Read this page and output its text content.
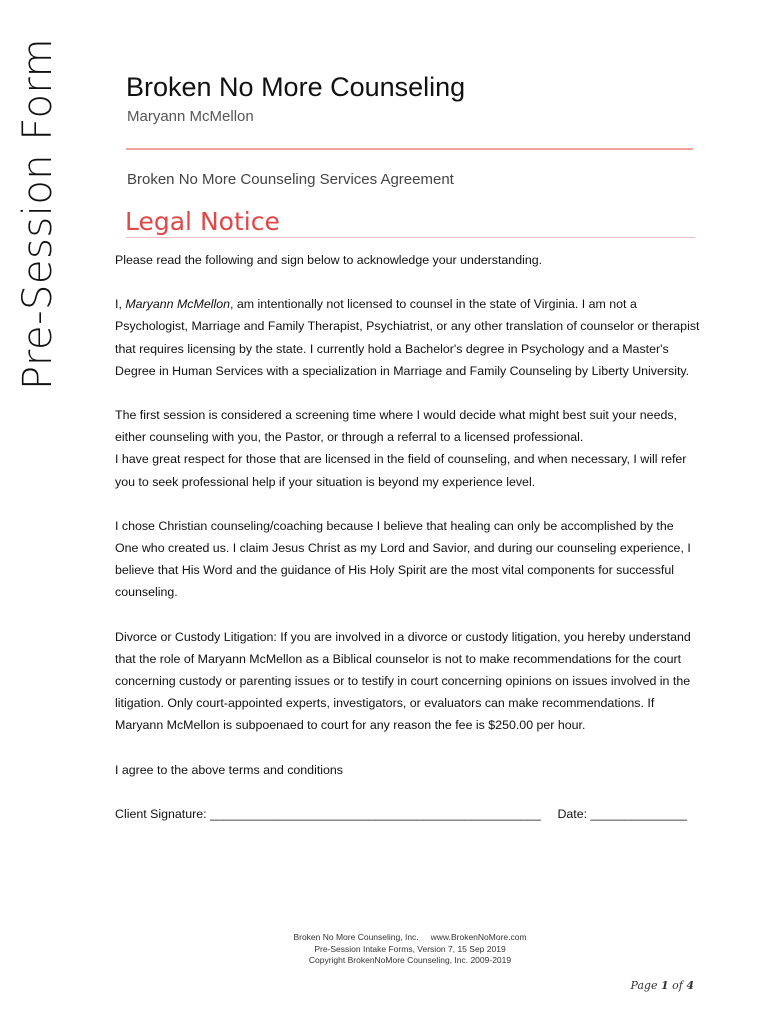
Pre-Session Form Broken No More Counseling
Maryann McMellon
Broken No More Counseling Services Agreement
Legal Notice

Please read the following and sign below to acknowledge your understanding.

I, Maryann McMellon, am intentionally not licensed to counsel in the state of Virginia. I am not a Psychologist, Marriage and Family Therapist, Psychiatrist, or any other translation of counselor or therapist that requires licensing by the state. I currently hold a Bachelor's degree in Psychology and a Master's Degree in Human Services with a specialization in Marriage and Family Counseling by Liberty University.

The first session is considered a screening time where I would decide what might best suit your needs, either counseling with you, the Pastor, or through a referral to a licensed professional.

I have great respect for those that are licensed in the field of counseling, and when necessary, I will refer you to seek professional help if your situation is beyond my experience level.

I chose Christian counseling/coaching because I believe that healing can only be accomplished by the One who created us. I claim Jesus Christ as my Lord and Savior, and during our counseling experience, I believe that His Word and the guidance of His Holy Spirit are the most vital components for successful counseling.

Divorce or Custody Litigation: If you are involved in a divorce or custody litigation, you hereby understand that the role of Maryann McMellon as a Biblical counselor is not to make recommendations for the court concerning custody or parenting issues or to testify in court concerning opinions on issues involved in the litigation. Only court-appointed experts, investigators, or evaluators can make recommendations. If Maryann McMellon is subpoenaed to court for any reason the fee is $250.00 per hour.

I agree to the above terms and conditions

Client Signature: ________________________________________________ Date: ______________
Broken No More Counseling, Inc. www.BrokenNoMore.com
Pre-Session Intake Forms, Version 7, 15 Sep 2019
Copyright BrokenNoMore Counseling, Inc. 2009-2019
Page 1 of 4
